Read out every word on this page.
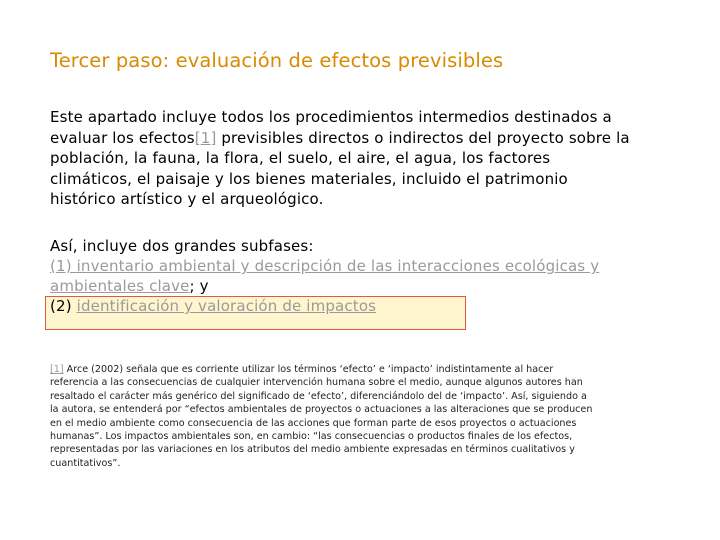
Tercer paso: evaluación de efectos previsibles
Este apartado incluye todos los procedimientos intermedios destinados a
evaluar los efectos[1] previsibles directos o indirectos del proyecto sobre la
población, la fauna, la flora, el suelo, el aire, el agua, los factores
climáticos, el paisaje y los bienes materiales, incluido el patrimonio
histórico artístico y el arqueológico.
Así, incluye dos grandes subfases:
(1) inventario ambiental y descripción de las interacciones ecológicas y
ambientales clave; y
(2) identificación y valoración de impactos
[1] Arce (2002) señala que es corriente utilizar los términos ‘efecto’ e ‘impacto’ indistintamente al hacer
referencia a las consecuencias de cualquier intervención humana sobre el medio, aunque algunos autores han
resaltado el carácter más genérico del significado de ‘efecto’, diferenciándolo del de ‘impacto’. Así, siguiendo a
la autora, se entenderá por “efectos ambientales de proyectos o actuaciones a las alteraciones que se producen
en el medio ambiente como consecuencia de las acciones que forman parte de esos proyectos o actuaciones
humanas”. Los impactos ambientales son, en cambio: “las consecuencias o productos finales de los efectos,
representadas por las variaciones en los atributos del medio ambiente expresadas en términos cualitativos y
cuantitativos”.
